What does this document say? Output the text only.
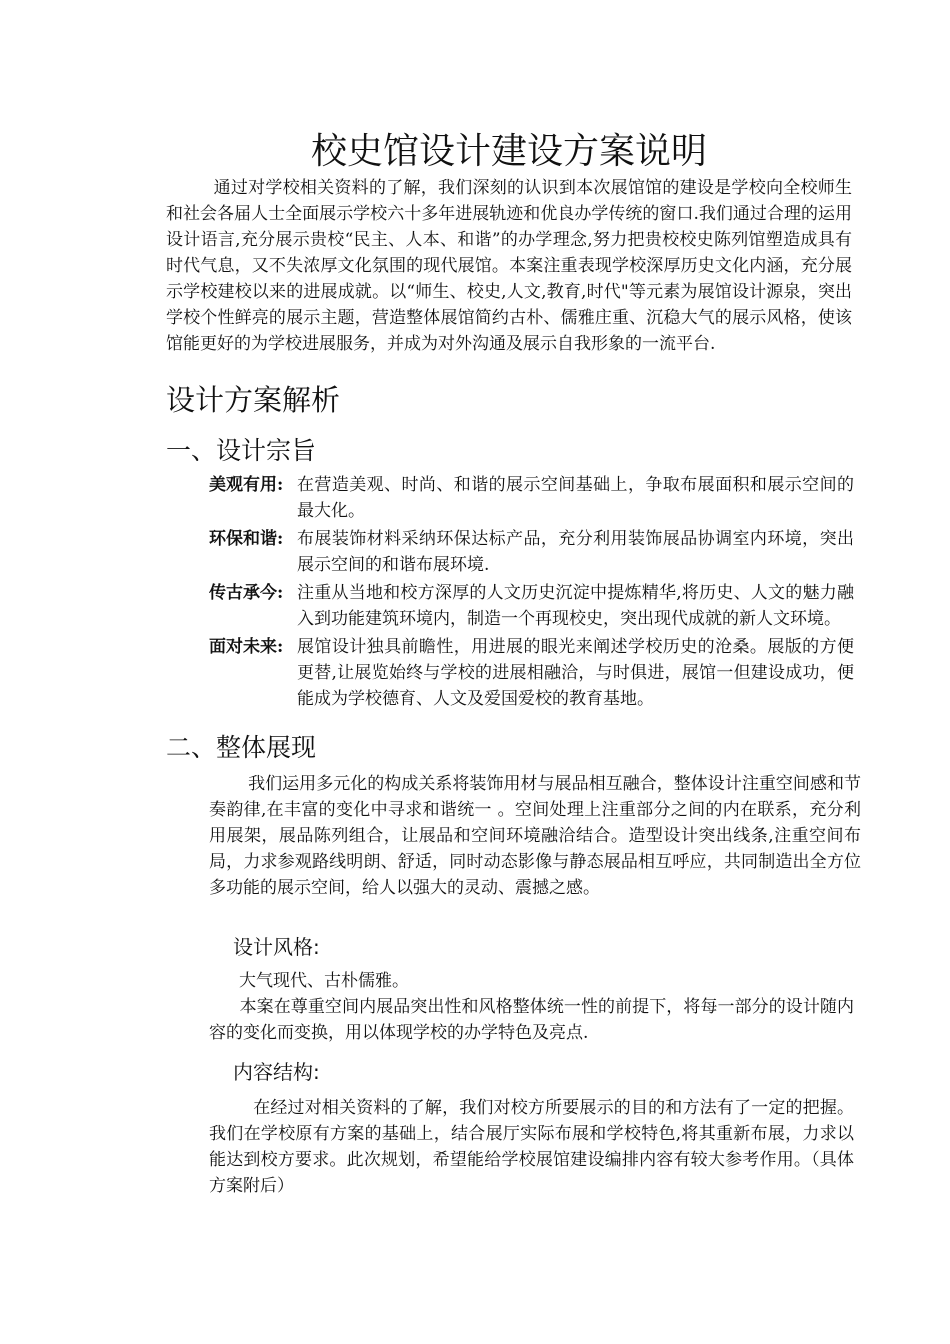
校史馆设计建设方案说明

通过对学校相关资料的了解，我们深刻的认识到本次展馆馆的建设是学校向全校师生和社会各届人士全面展示学校六十多年进展轨迹和优良办学传统的窗口.我们通过合理的运用设计语言,充分展示贵校“民主、人本、和谐”的办学理念,努力把贵校校史陈列馆塑造成具有时代气息，又不失浓厚文化氛围的现代展馆。本案注重表现学校深厚历史文化内涵，充分展示学校建校以来的进展成就。以“师生、校史,人文,教育,时代"等元素为展馆设计源泉，突出学校个性鲜亮的展示主题，营造整体展馆简约古朴、儒雅庄重、沉稳大气的展示风格，使该馆能更好的为学校进展服务，并成为对外沟通及展示自我形象的一流平台.

设计方案解析
一、设计宗旨
美观有用: 在营造美观、时尚、和谐的展示空间基础上，争取布展面积和展示空间的最大化。
环保和谐: 布展装饰材料采纳环保达标产品，充分利用装饰展品协调室内环境，突出展示空间的和谐布展环境.
传古承今: 注重从当地和校方深厚的人文历史沉淀中提炼精华,将历史、人文的魅力融入到功能建筑环境内，制造一个再现校史，突出现代成就的新人文环境。
面对未来: 展馆设计独具前瞻性，用进展的眼光来阐述学校历史的沧桑。展版的方便更替,让展览始终与学校的进展相融洽，与时俱进，展馆一但建设成功，便能成为学校德育、人文及爱国爱校的教育基地。
二、整体展现

我们运用多元化的构成关系将装饰用材与展品相互融合，整体设计注重空间感和节奏韵律,在丰富的变化中寻求和谐统一 。空间处理上注重部分之间的内在联系，充分利用展架，展品陈列组合，让展品和空间环境融洽结合。造型设计突出线条,注重空间布局，力求参观路线明朗、舒适，同时动态影像与静态展品相互呼应，共同制造出全方位多功能的展示空间，给人以强大的灵动、震撼之感。

设计风格:

大气现代、古朴儒雅。

本案在尊重空间内展品突出性和风格整体统一性的前提下，将每一部分的设计随内容的变化而变换，用以体现学校的办学特色及亮点.

内容结构:

在经过对相关资料的了解，我们对校方所要展示的目的和方法有了一定的把握。我们在学校原有方案的基础上，结合展厅实际布展和学校特色,将其重新布展，力求以能达到校方要求。此次规划，希望能给学校展馆建设编排内容有较大参考作用。（具体方案附后）
